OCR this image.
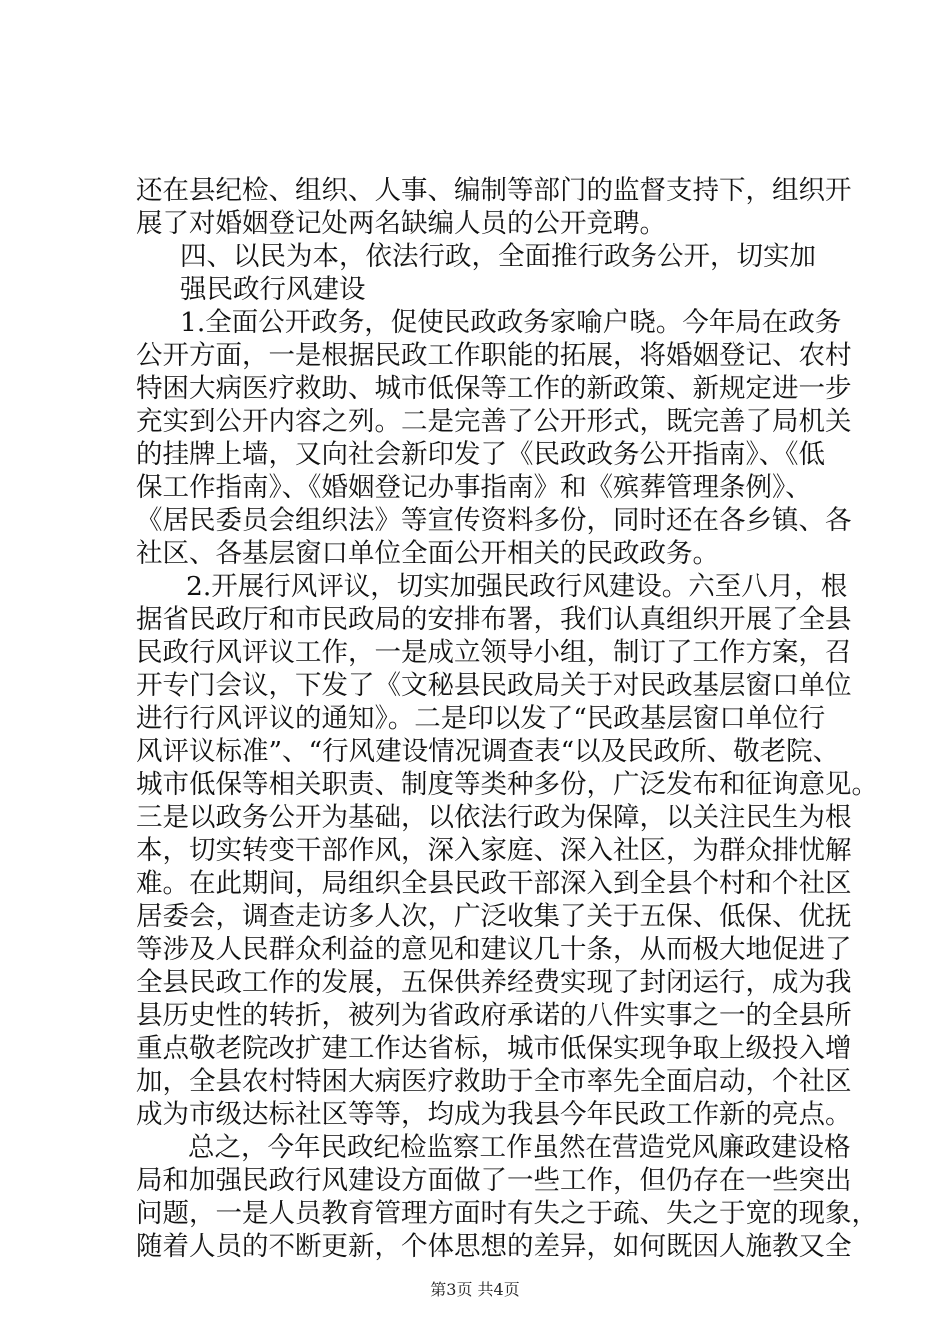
还在县纪检、组织、人事、编制等部门的监督支持下，组织开
展了对婚姻登记处两名缺编人员的公开竞聘。
四、以民为本，依法行政，全面推行政务公开，切实加
强民政行风建设
1.全面公开政务，促使民政政务家喻户晓。今年局在政务
公开方面，一是根据民政工作职能的拓展，将婚姻登记、农村
特困大病医疗救助、城市低保等工作的新政策、新规定进一步
充实到公开内容之列。二是完善了公开形式，既完善了局机关
的挂牌上墙，又向社会新印发了《民政政务公开指南》、《低
保工作指南》、《婚姻登记办事指南》和《殡葬管理条例》、
《居民委员会组织法》等宣传资料多份，同时还在各乡镇、各
社区、各基层窗口单位全面公开相关的民政政务。
2.开展行风评议，切实加强民政行风建设。六至八月，根
据省民政厅和市民政局的安排布署，我们认真组织开展了全县
民政行风评议工作，一是成立领导小组，制订了工作方案，召
开专门会议，下发了《文秘县民政局关于对民政基层窗口单位
进行行风评议的通知》。二是印以发了“民政基层窗口单位行
风评议标准”、“行风建设情况调查表“以及民政所、敬老院、
城市低保等相关职责、制度等类种多份，广泛发布和征询意见。
三是以政务公开为基础，以依法行政为保障，以关注民生为根
本，切实转变干部作风，深入家庭、深入社区，为群众排忧解
难。在此期间，局组织全县民政干部深入到全县个村和个社区
居委会，调查走访多人次，广泛收集了关于五保、低保、优抚
等涉及人民群众利益的意见和建议几十条，从而极大地促进了
全县民政工作的发展，五保供养经费实现了封闭运行，成为我
县历史性的转折，被列为省政府承诺的八件实事之一的全县所
重点敬老院改扩建工作达省标，城市低保实现争取上级投入增
加，全县农村特困大病医疗救助于全市率先全面启动，个社区
成为市级达标社区等等，均成为我县今年民政工作新的亮点。
总之，今年民政纪检监察工作虽然在营造党风廉政建设格
局和加强民政行风建设方面做了一些工作，但仍存在一些突出
问题，一是人员教育管理方面时有失之于疏、失之于宽的现象，
随着人员的不断更新，个体思想的差异，如何既因人施教又全
第3页 共4页
